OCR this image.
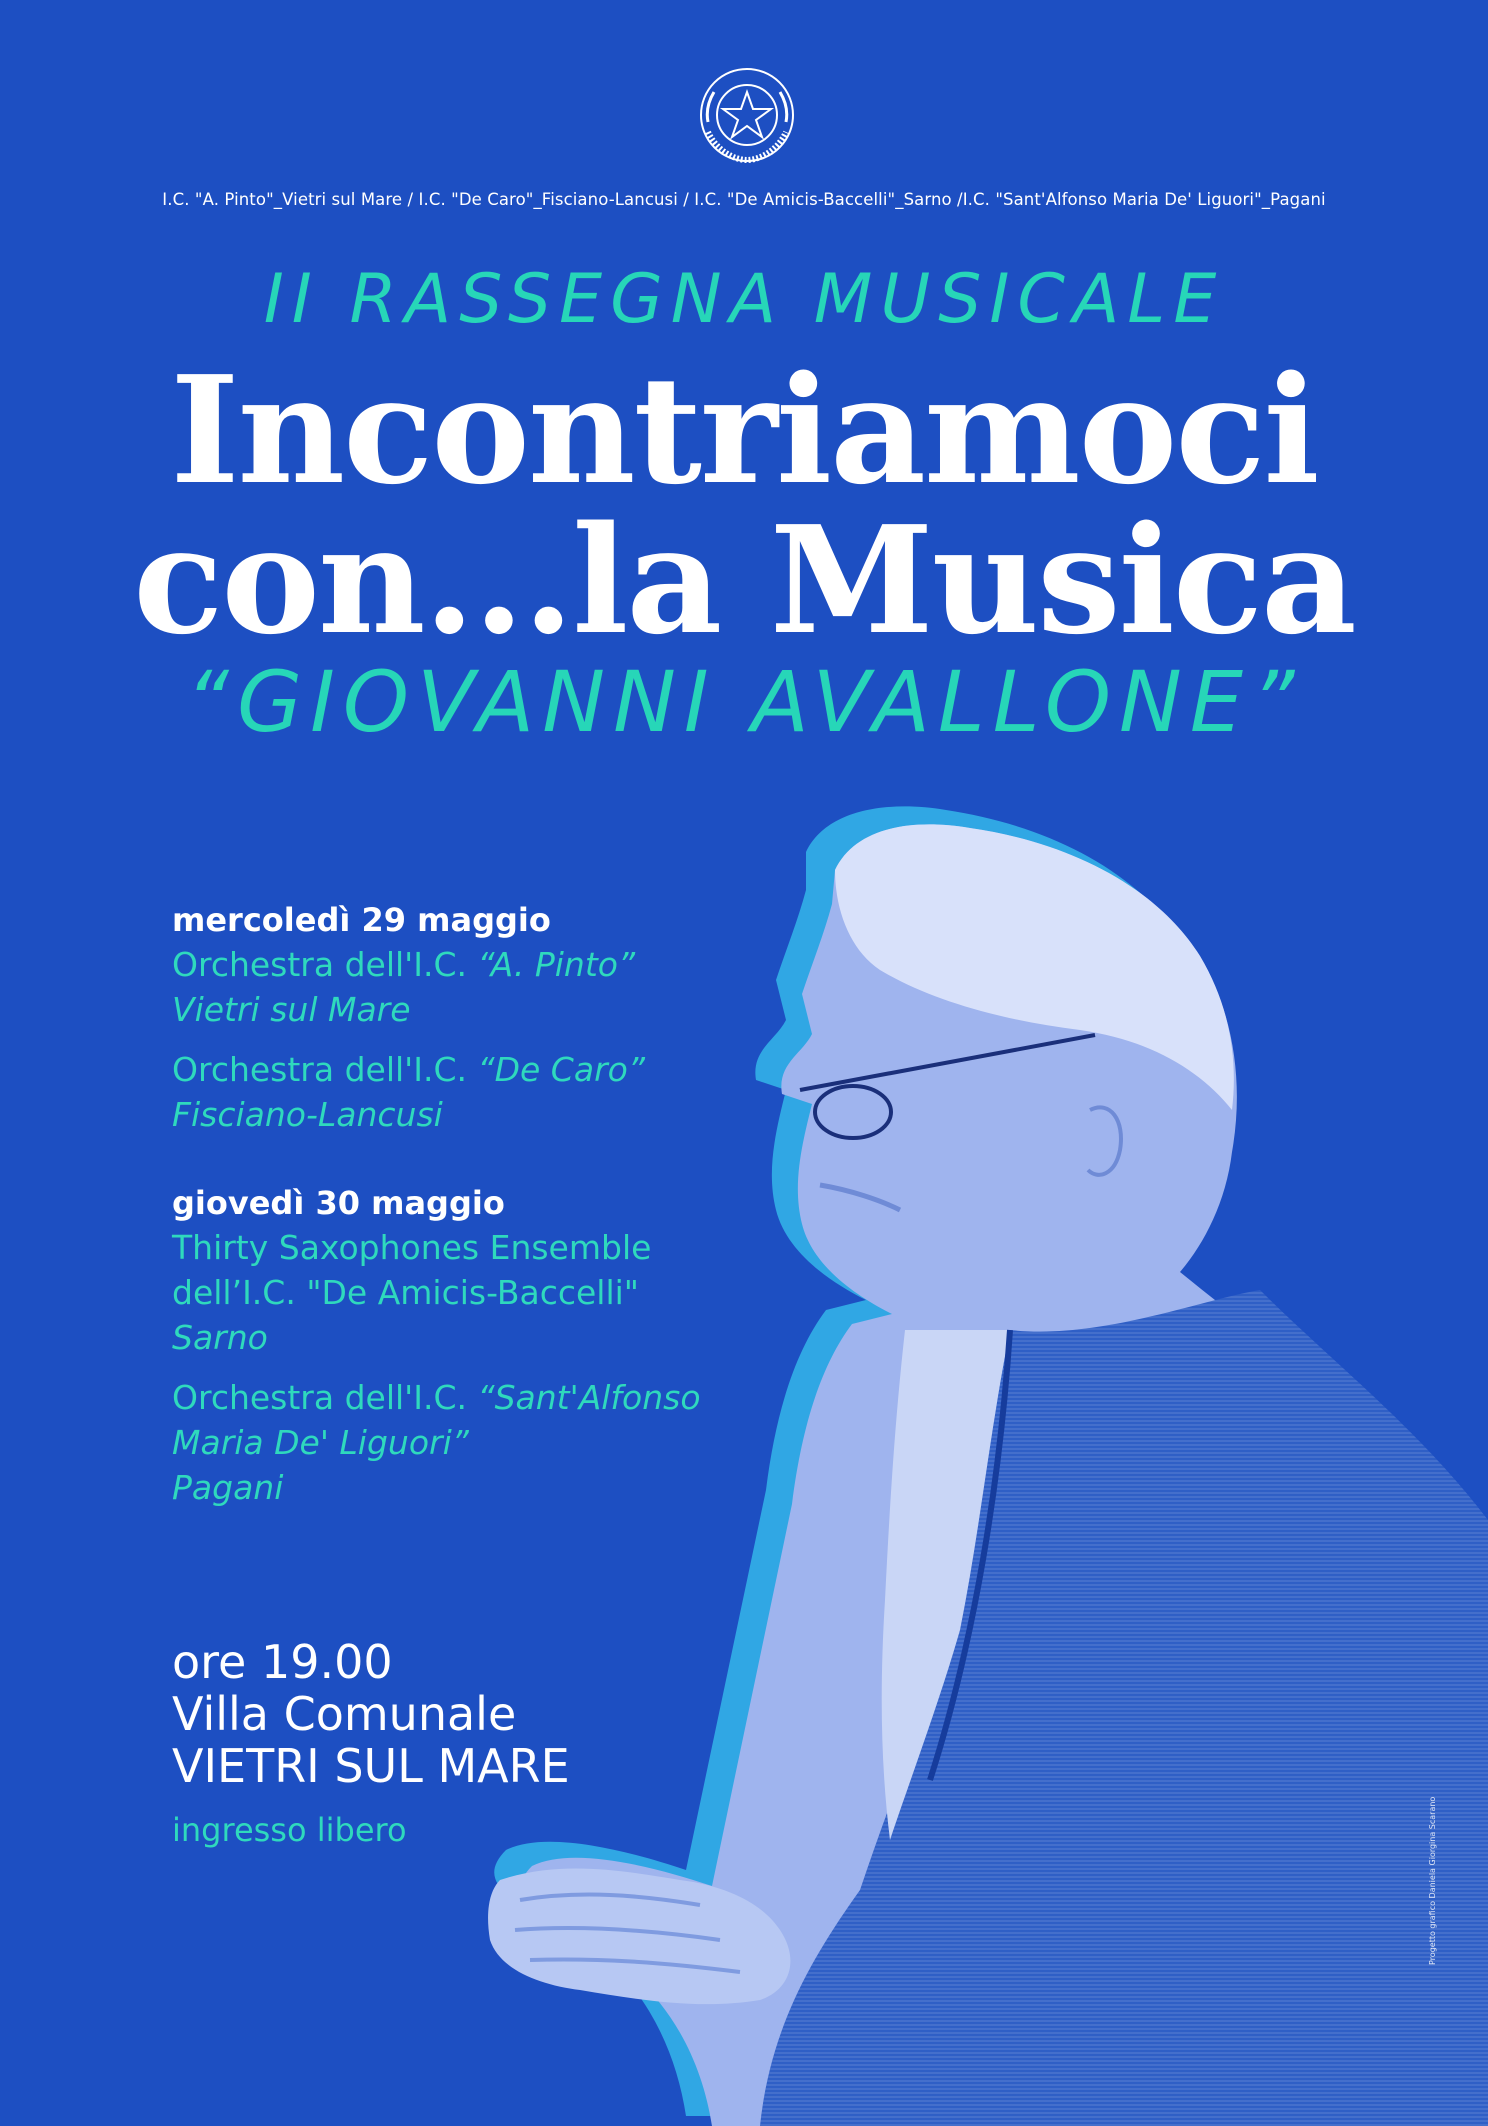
I.C. "A. Pinto"_Vietri sul Mare / I.C. "De Caro"_Fisciano-Lancusi / I.C. "De Amicis-Baccelli"_Sarno /I.C. "Sant'Alfonso Maria De' Liguori"_Pagani
II RASSEGNA MUSICALE
Incontriamoci
con...la Musica
“GIOVANNI AVALLONE”
mercoledì 29 maggio
Orchestra dell'I.C. “A. Pinto”
Vietri sul Mare
Orchestra dell'I.C. “De Caro”
Fisciano-Lancusi
giovedì 30 maggio
Thirty Saxophones Ensemble
dell’I.C. "De Amicis-Baccelli"
Sarno
Orchestra dell'I.C. “Sant'Alfonso
Maria De' Liguori”
Pagani
ore 19.00
Villa Comunale
VIETRI SUL MARE
ingresso libero	Progetto grafico Daniela Giorgina Scarano
